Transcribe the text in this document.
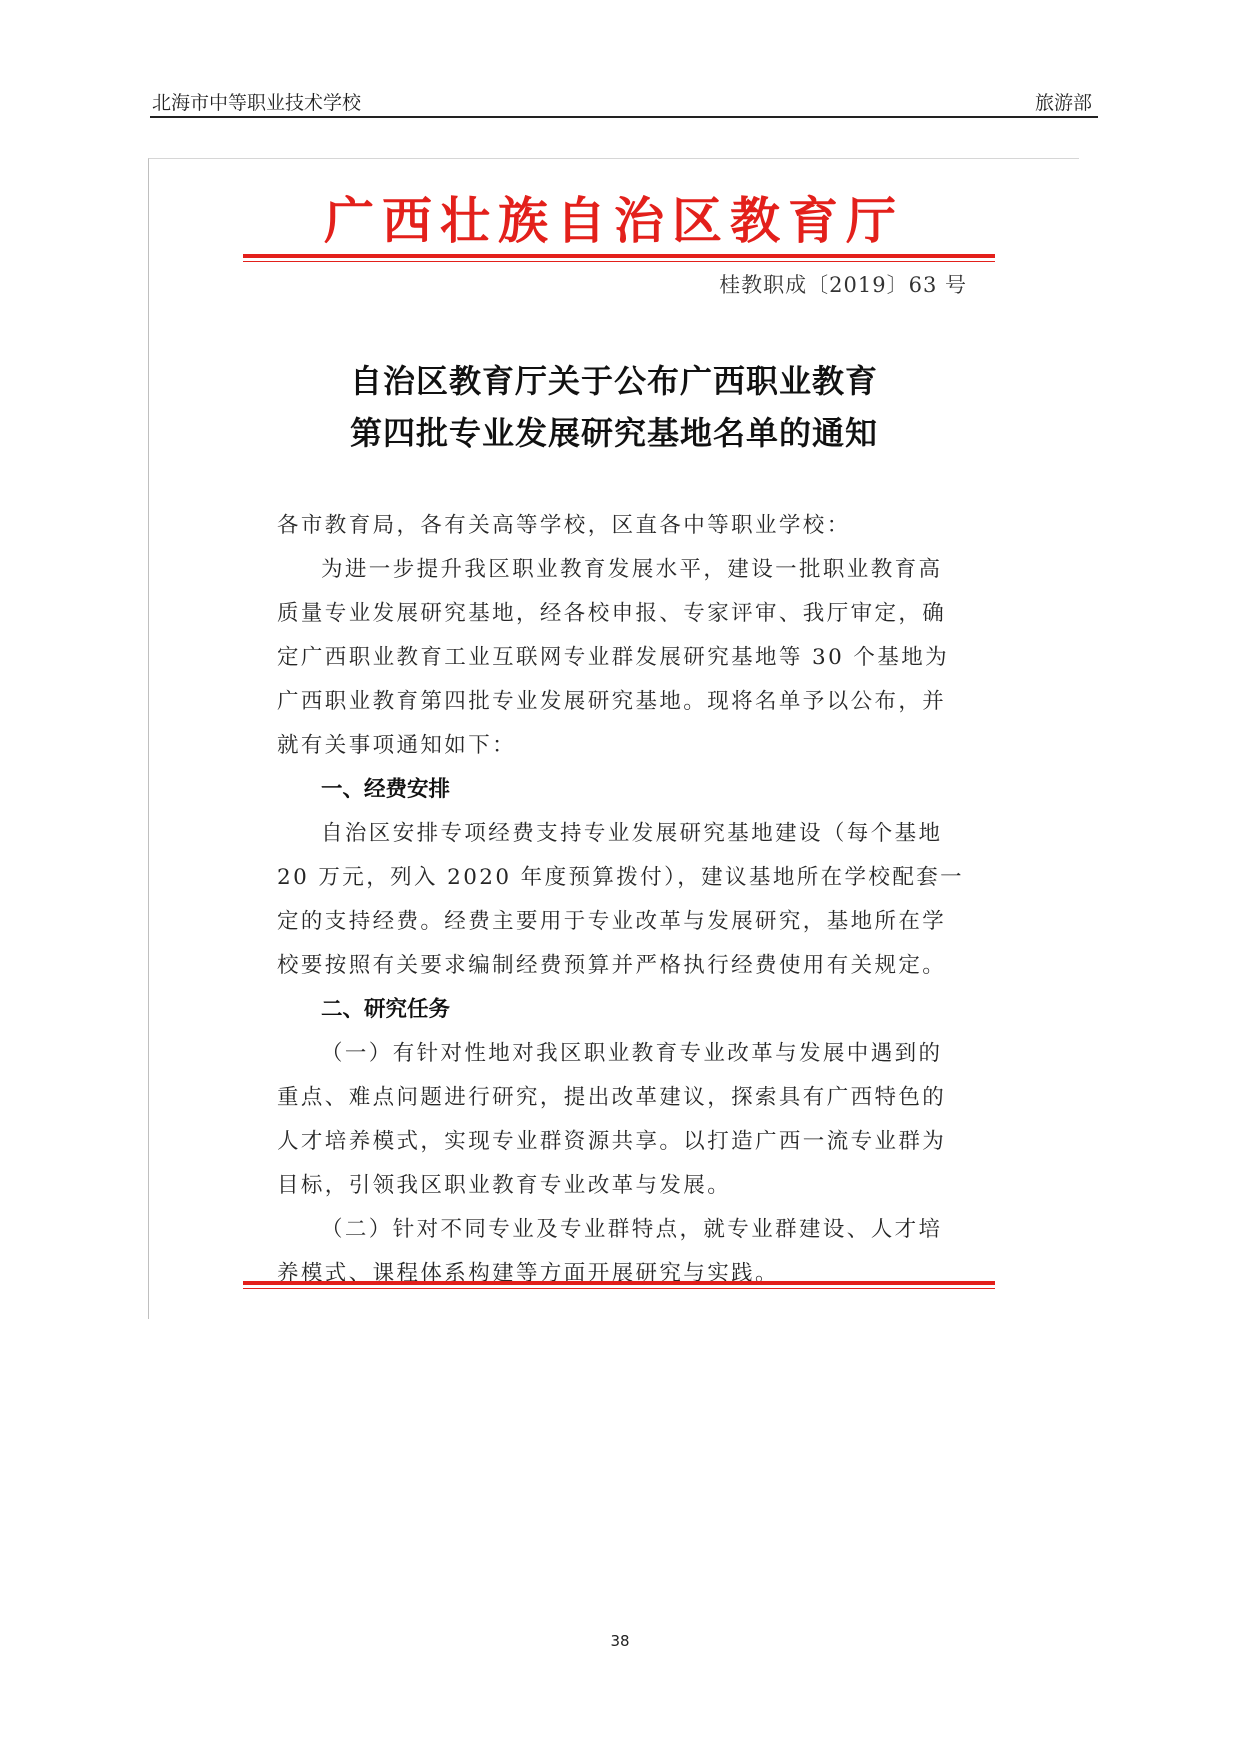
北海市中等职业技术学校	旅游部
广西壮族自治区教育厅
桂教职成〔2019〕63 号
自治区教育厅关于公布广西职业教育
第四批专业发展研究基地名单的通知

各市教育局，各有关高等学校，区直各中等职业学校：

为进一步提升我区职业教育发展水平，建设一批职业教育高

质量专业发展研究基地，经各校申报、专家评审、我厅审定，确

定广西职业教育工业互联网专业群发展研究基地等 30 个基地为

广西职业教育第四批专业发展研究基地。现将名单予以公布，并

就有关事项通知如下：

一、经费安排

自治区安排专项经费支持专业发展研究基地建设（每个基地

20 万元，列入 2020 年度预算拨付），建议基地所在学校配套一

定的支持经费。经费主要用于专业改革与发展研究，基地所在学

校要按照有关要求编制经费预算并严格执行经费使用有关规定。

二、研究任务

（一）有针对性地对我区职业教育专业改革与发展中遇到的

重点、难点问题进行研究，提出改革建议，探索具有广西特色的

人才培养模式，实现专业群资源共享。以打造广西一流专业群为

目标，引领我区职业教育专业改革与发展。

（二）针对不同专业及专业群特点，就专业群建设、人才培

养模式、课程体系构建等方面开展研究与实践。

38
